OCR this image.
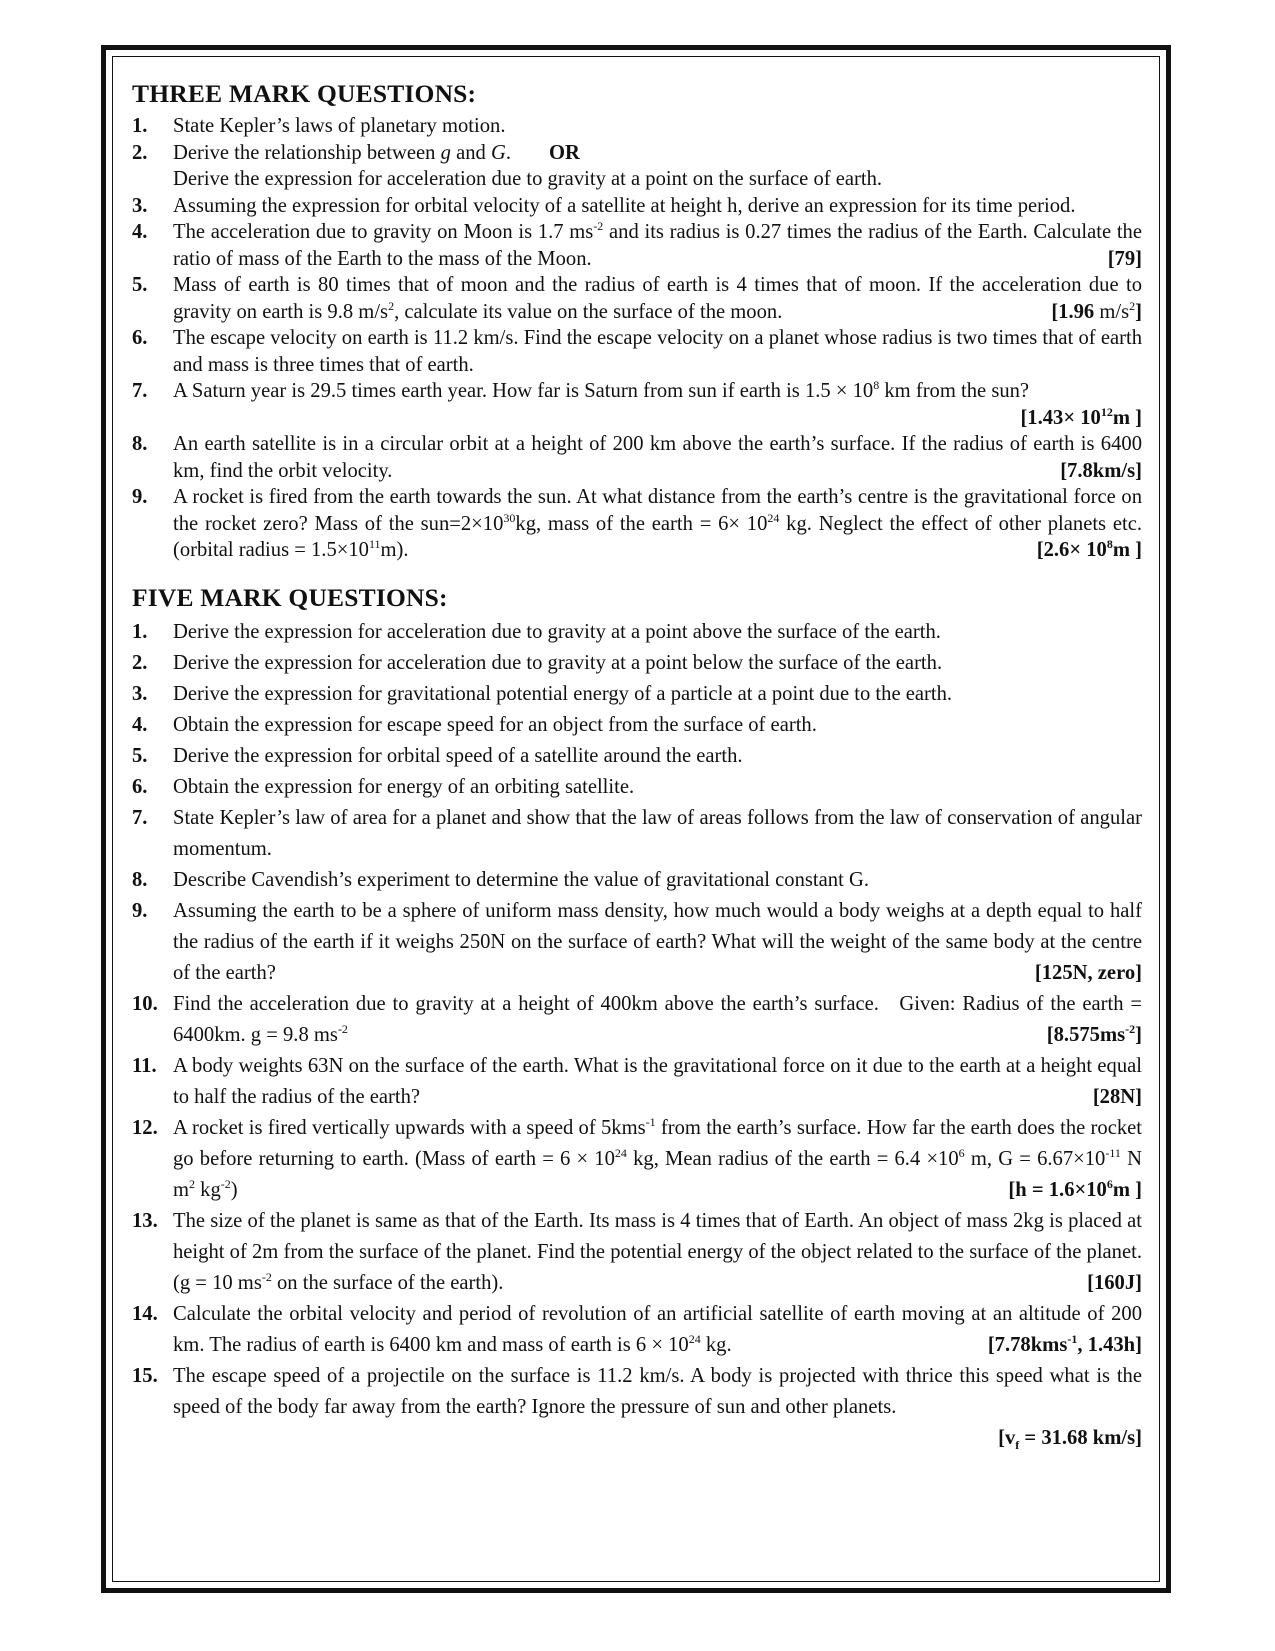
THREE MARK QUESTIONS:
1. State Kepler’s laws of planetary motion.
2. Derive the relationship between g and G. OR
Derive the expression for acceleration due to gravity at a point on the surface of earth.
3. Assuming the expression for orbital velocity of a satellite at height h, derive an expression for its time period.
4. The acceleration due to gravity on Moon is 1.7 $ms^{-2}$ and its radius is 0.27 times the radius of the Earth. Calculate the ratio of mass of the Earth to the mass of the Moon.	[79]
5. Mass of earth is 80 times that of moon and the radius of earth is 4 times that of moon. If the acceleration due to gravity on earth is 9.8 $m/s^2$, calculate its value on the surface of the moon.	[1.96 $m/s^2$]
6. The escape velocity on earth is 11.2 km/s. Find the escape velocity on a planet whose radius is two times that of earth and mass is three times that of earth.
7. A Saturn year is 29.5 times earth year. How far is Saturn from sun if earth is $1.5 \times 10^8$ km from the sun?
[$1.43\times 10^{12}m$ ]
8. An earth satellite is in a circular orbit at a height of 200 km above the earth’s surface. If the radius of earth is 6400 km, find the orbit velocity.	[7.8km/s]
9. A rocket is fired from the earth towards the sun. At what distance from the earth’s centre is the gravitational force on the rocket zero? Mass of the $sun=2\times 10^{30}kg$, mass of the earth = $6\times 10^{24}$ kg. Neglect the effect of other planets etc. (orbital radius = $1.5\times 10^{11}m$).	[$2.6\times 10^8m$ ]
FIVE MARK QUESTIONS:
1. Derive the expression for acceleration due to gravity at a point above the surface of the earth.
2. Derive the expression for acceleration due to gravity at a point below the surface of the earth.
3. Derive the expression for gravitational potential energy of a particle at a point due to the earth.
4. Obtain the expression for escape speed for an object from the surface of earth.
5. Derive the expression for orbital speed of a satellite around the earth.
6. Obtain the expression for energy of an orbiting satellite.
7. State Kepler’s law of area for a planet and show that the law of areas follows from the law of conservation of angular momentum.
8. Describe Cavendish’s experiment to determine the value of gravitational constant G.
9. Assuming the earth to be a sphere of uniform mass density, how much would a body weighs at a depth equal to half the radius of the earth if it weighs 250N on the surface of earth? What will the weight of the same body at the centre of the earth?	[125N, zero]
10. Find the acceleration due to gravity at a height of 400km above the earth’s surface.   Given: Radius of the earth = 6400km. g = 9.8 $ms^{-2}$	$[8.575ms^{-2}]$
11. A body weights 63N on the surface of the earth. What is the gravitational force on it due to the earth at a height equal to half the radius of the earth?	[28N]
12. A rocket is fired vertically upwards with a speed of 5kms$^{-1}$ from the earth’s surface. How far the earth does the rocket go before returning to earth. (Mass of earth = $6 \times 10^{24}$ kg, Mean radius of the earth = $6.4 \times 10^6$ m, $G = 6.67\times 10^{-11}$ N $m^2$ $kg^{-2}$)	[$h = 1.6\times 10^6m$ ]
13. The size of the planet is same as that of the Earth. Its mass is 4 times that of Earth. An object of mass 2kg is placed at height of 2m from the surface of the planet. Find the potential energy of the object related to the surface of the planet. (g = 10 $ms^{-2}$ on the surface of the earth).	[160J]
14. Calculate the orbital velocity and period of revolution of an artificial satellite of earth moving at an altitude of 200 km. The radius of earth is 6400 km and mass of earth is $6 \times 10^{24}$ kg.	[7.78kms$^{-1}$, 1.43h]
15. The escape speed of a projectile on the surface is 11.2 km/s. A body is projected with thrice this speed what is the speed of the body far away from the earth? Ignore the pressure of sun and other planets.
[$v_f = 31.68$ km/s]
